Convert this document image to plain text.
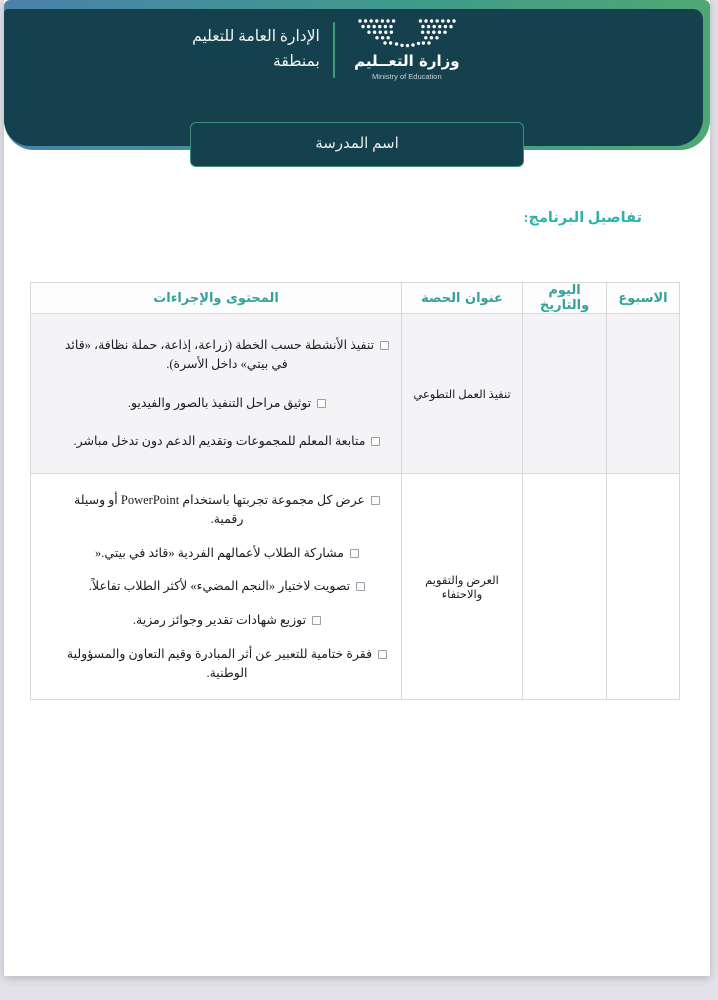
وزارة التعــليم
Ministry of Education
الإدارة العامة للتعليم
بمنطقة
اسم المدرسة
تفاصيل البرنامج:
الاسبوع	اليوم والتاريخ	عنوان الحصة	المحتوى والإجراءات
		تنفيذ العمل التطوعي	تنفيذ الأنشطة حسب الخطة (زراعة، إذاعة، حملة نظافة، «قائد في بيتي» داخل الأسرة).

توثيق مراحل التنفيذ بالصور والفيديو.

متابعة المعلم للمجموعات وتقديم الدعم دون تدخل مباشر.

		العرض والتقويم والاحتفاء	عرض كل مجموعة تجربتها باستخدام PowerPoint أو وسيلة رقمية.

مشاركة الطلاب لأعمالهم الفردية «قائد في بيتي.«

تصويت لاختيار «النجم المضيء» لأكثر الطلاب تفاعلاً.

توزيع شهادات تقدير وجوائز رمزية.

فقرة ختامية للتعبير عن أثر المبادرة وقيم التعاون والمسؤولية الوطنية.
